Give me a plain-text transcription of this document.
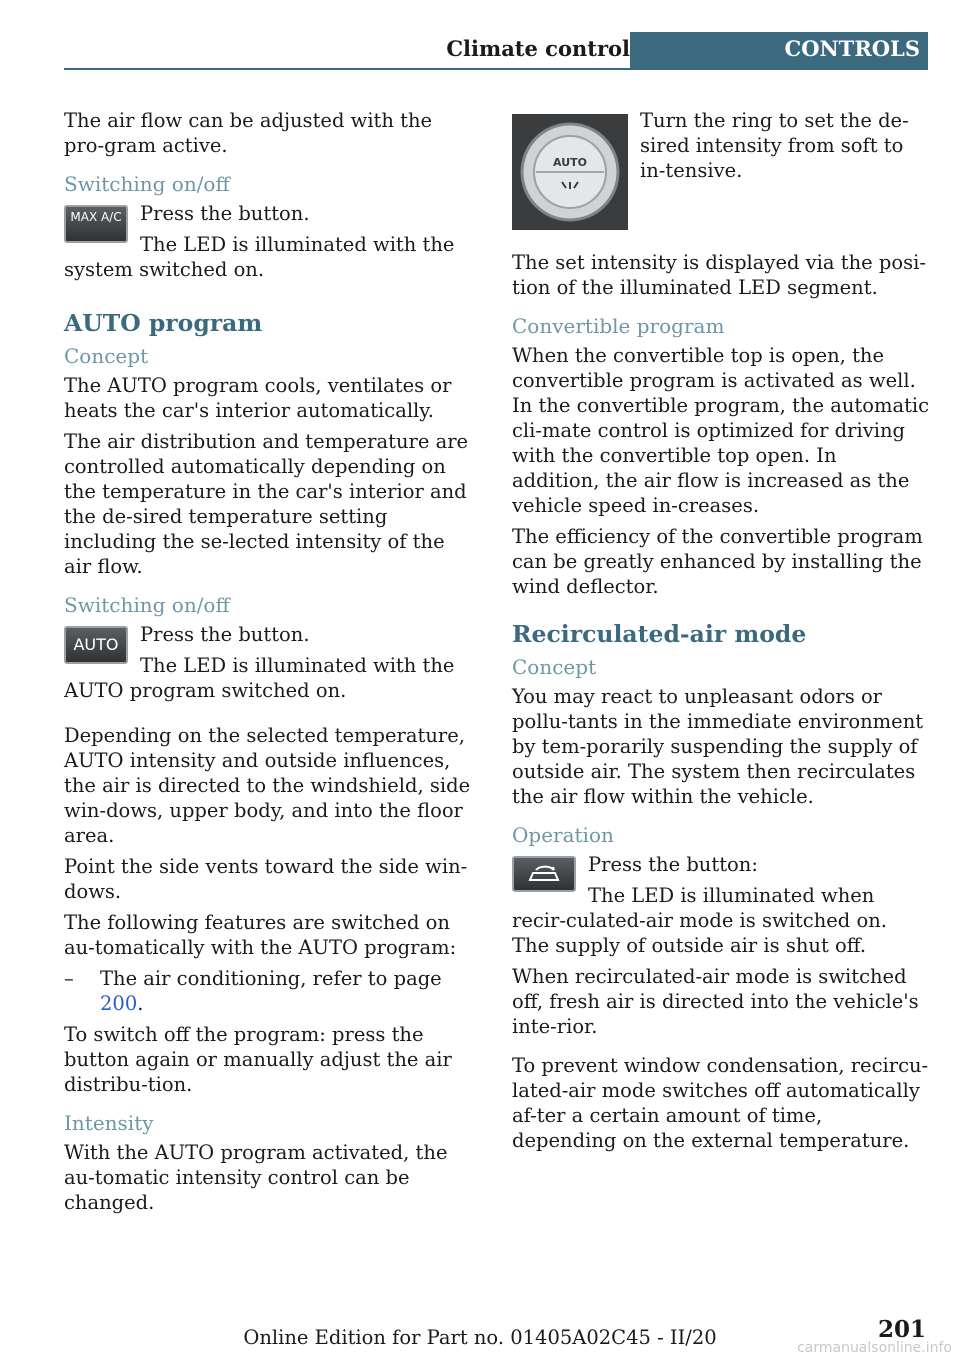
Climate control	CONTROLS

The air flow can be adjusted with the pro-gram active.

Switching on/off
MAX A/C Press the button.

The LED is illuminated with the system switched on.

AUTO program
Concept

The AUTO program cools, ventilates or heats the car's interior automatically.

The air distribution and temperature are controlled automatically depending on the temperature in the car's interior and the de-sired temperature setting including the se-lected intensity of the air flow.

Switching on/off
AUTO	Press the button.

The LED is illuminated with the AUTO program switched on.

Depending on the selected temperature, AUTO intensity and outside influences, the air is directed to the windshield, side win-dows, upper body, and into the floor area.

Point the side vents toward the side win-dows.

The following features are switched on au-tomatically with the AUTO program:

– The air conditioning, refer to page 200.

To switch off the program: press the button again or manually adjust the air distribu-tion.

Intensity

With the AUTO program activated, the au-tomatic intensity control can be changed.

AUTO

Turn the ring to set the de-sired intensity from soft to in-tensive.

The set intensity is displayed via the posi-tion of the illuminated LED segment.

Convertible program

When the convertible top is open, the convertible program is activated as well. In the convertible program, the automatic cli-mate control is optimized for driving with the convertible top open. In addition, the air flow is increased as the vehicle speed in-creases.

The efficiency of the convertible program can be greatly enhanced by installing the wind deflector.

Recirculated-air mode
Concept

You may react to unpleasant odors or pollu-tants in the immediate environment by tem-porarily suspending the supply of outside air. The system then recirculates the air flow within the vehicle.

Operation

Press the button:

The LED is illuminated when recir-culated-air mode is switched on. The supply of outside air is shut off.

When recirculated-air mode is switched off, fresh air is directed into the vehicle's inte-rior.

To prevent window condensation, recircu-lated-air mode switches off automatically af-ter a certain amount of time, depending on the external temperature.

Online Edition for Part no. 01405A02C45 - II/20	201
carmanualsonline.info
